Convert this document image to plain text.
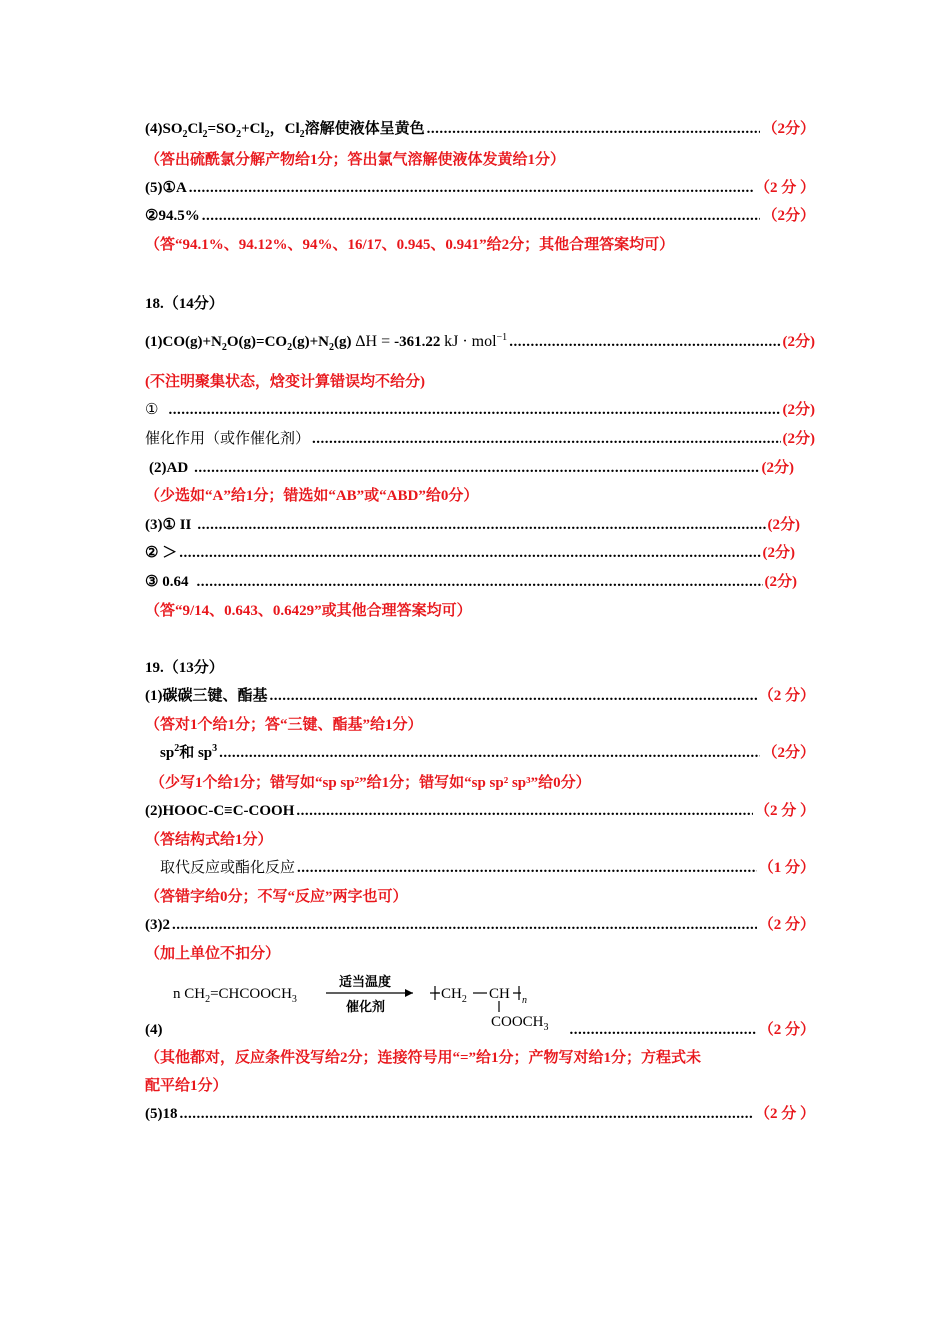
$(4)SO_2Cl_2=SO_2+Cl_2$，$Cl_2$溶解使液体呈黄色 .....	（2分）
（答出硫酰氯分解产物给1分；答出氯气溶解使液体发黄给1分）
(5)①A .....	（2 分 ）
②94.5% .....	（2分）
（答“94.1%、94.12%、94%、16/17、0.945、0.941”给2分；其他合理答案均可）
18.（14分）
$(1)CO(g)+N_2O(g)=CO_2(g)+N_2(g) \Delta H = -361.22$ kJ · mol$^{-1}$ .....	(2分)
(不注明聚集状态，焓变计算错误均不给分)
① .....	(2分)
催化作用（或作催化剂） .....	(2分)
(2)AD .....	(2分)
（少选如“A”给1分；错选如“AB”或“ABD”给0分）
(3)① II .....	(2分)
② ＞ .....	(2分)
③ 0.64 .....	(2分)
（答“9/14、0.643、0.6429”或其他合理答案均可）
19.（13分）
(1)碳碳三键、酯基 .....	（2 分）
（答对1个给1分；答“三键、酯基”给1分）
$sp^2$和 $sp^3$ .....	（2分）
（少写1个给1分；错写如“sp sp²”给1分；错写如“sp sp² sp³”给0分）
(2)HOOC-C≡C-COOH .....	（2 分 ）
（答结构式给1分）
取代反应或酯化反应 .....	（1 分）
（答错字给0分；不写“反应”两字也可）
(3)2 .....	（2 分）
（加上单位不扣分）
n $CH_2=CHCOOCH_3$
适当温度
催化剂
$CH_2$ CH n
$COOCH_3$
(4) .....	（2 分）
（其他都对，反应条件没写给2分；连接符号用“=”给1分；产物写对给1分；方程式未
配平给1分）
(5)18 .....	（2 分 ）
